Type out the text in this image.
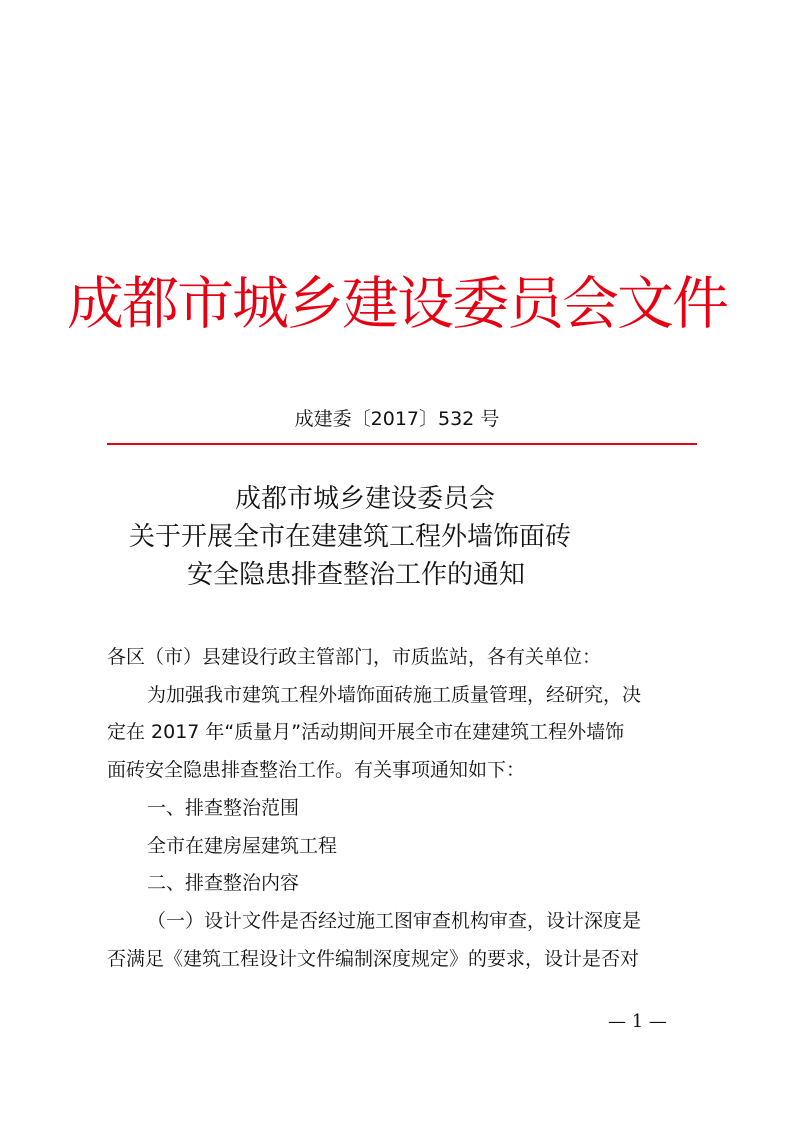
成都市城乡建设委员会文件
成建委〔2017〕532 号
成都市城乡建设委员会
关于开展全市在建建筑工程外墙饰面砖
安全隐患排查整治工作的通知
各区（市）县建设行政主管部门，市质监站，各有关单位：
为加强我市建筑工程外墙饰面砖施工质量管理，经研究，决
定在 2017 年“质量月”活动期间开展全市在建建筑工程外墙饰
面砖安全隐患排查整治工作。有关事项通知如下：
一、排查整治范围
全市在建房屋建筑工程
二、排查整治内容
（一）设计文件是否经过施工图审查机构审查，设计深度是
否满足《建筑工程设计文件编制深度规定》的要求，设计是否对
— 1 —
